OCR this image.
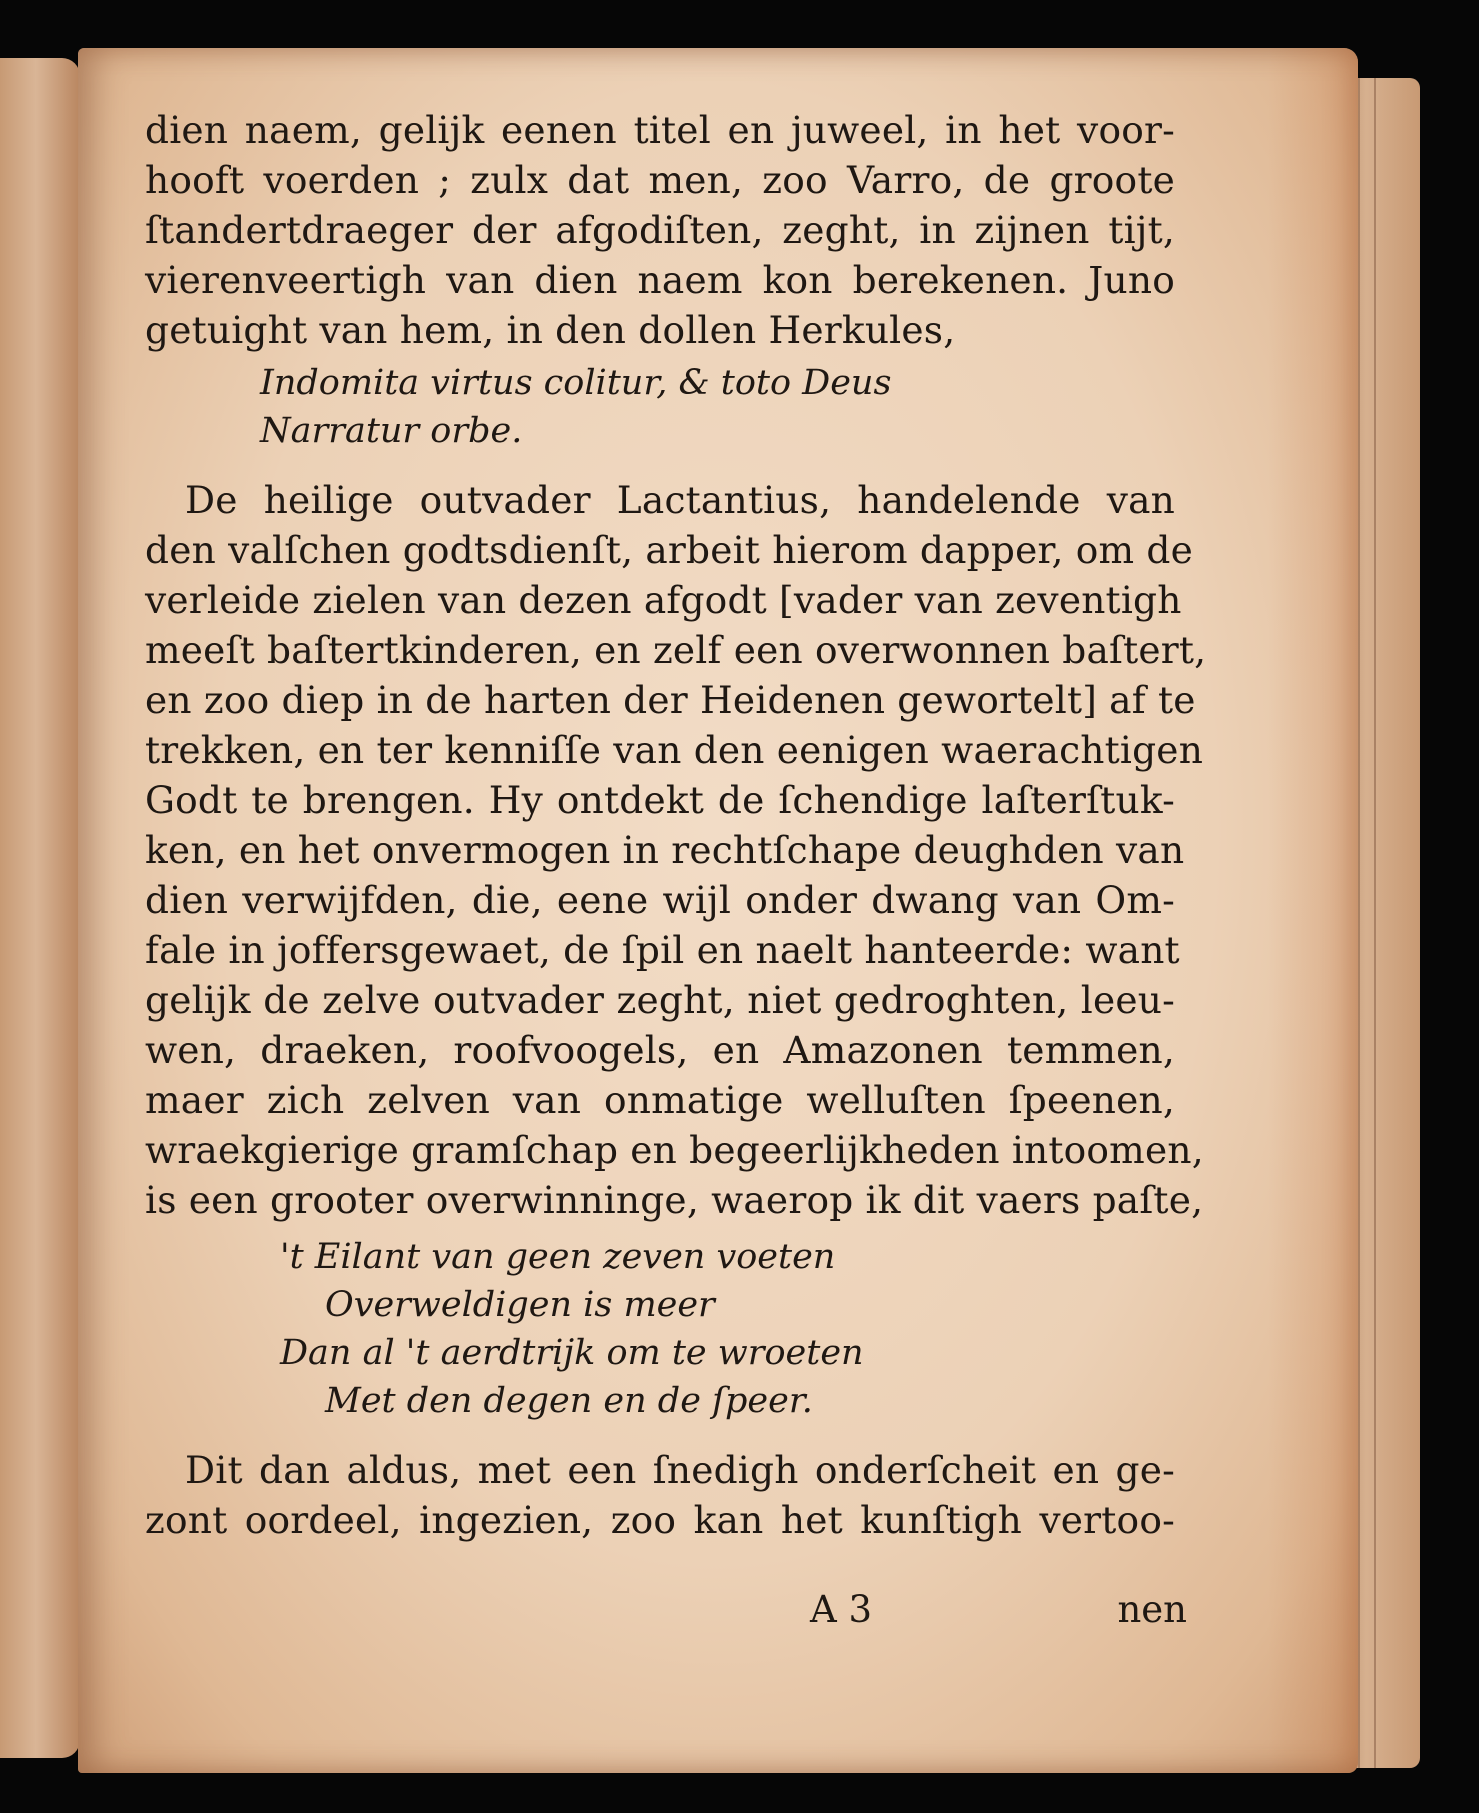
dien naem, gelijk eenen titel en juweel, in het voor-
hooft voerden ; zulx dat men, zoo Varro, de groote
ſtandertdraeger der afgodiſten, zeght, in zijnen tijt,
vierenveertigh van dien naem kon berekenen. Juno
getuight van hem, in den dollen Herkules,
Indomita virtus colitur, & toto Deus
Narratur orbe.
De heilige outvader Lactantius, handelende van
den valſchen godtsdienſt, arbeit hierom dapper, om de
verleide zielen van dezen afgodt [vader van zeventigh
meeſt baſtertkinderen, en zelf een overwonnen baſtert,
en zoo diep in de harten der Heidenen gewortelt] af te
trekken, en ter kenniſſe van den eenigen waerachtigen
Godt te brengen. Hy ontdekt de ſchendige laſterſtuk-
ken, en het onvermogen in rechtſchape deughden van
dien verwijfden, die, eene wijl onder dwang van Om-
fale in joffersgewaet, de ſpil en naelt hanteerde: want
gelijk de zelve outvader zeght, niet gedroghten, leeu-
wen, draeken, roofvoogels, en Amazonen temmen,
maer zich zelven van onmatige welluſten ſpeenen,
wraekgierige gramſchap en begeerlijkheden intoomen,
is een grooter overwinninge, waerop ik dit vaers paſte,
't Eilant van geen zeven voeten
Overweldigen is meer
Dan al 't aerdtrijk om te wroeten
Met den degen en de ſpeer.
Dit dan aldus, met een ſnedigh onderſcheit en ge-
zont oordeel, ingezien, zoo kan het kunſtigh vertoo-
A 3	nen
